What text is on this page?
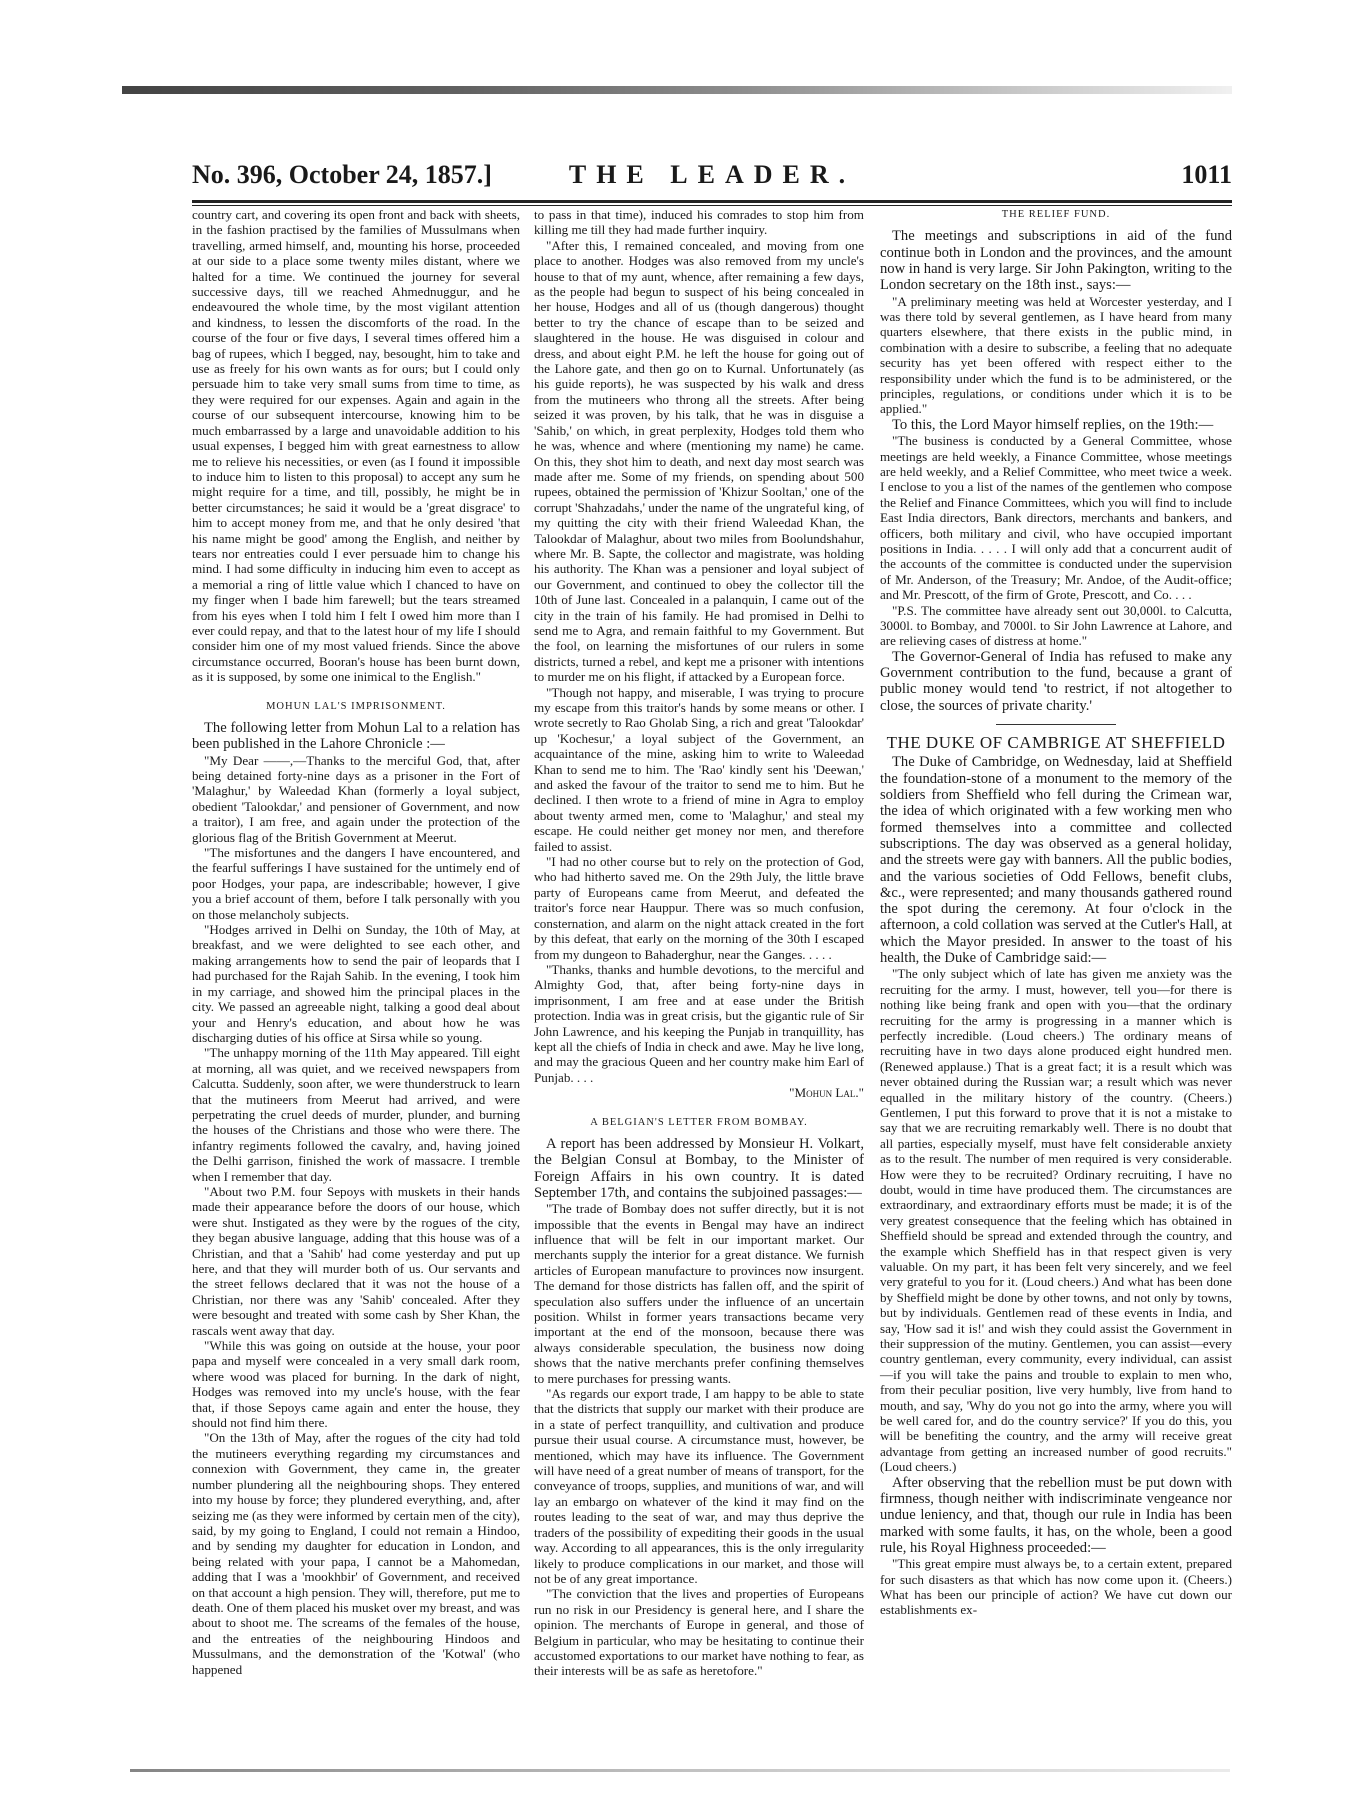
No. 396, October 24, 1857.]	THE LEADER.	1011

country cart, and covering its open front and back with sheets, in the fashion practised by the families of Mussulmans when travelling, armed himself, and, mounting his horse, proceeded at our side to a place some twenty miles distant, where we halted for a time. We continued the journey for several successive days, till we reached Ahmednuggur, and he endeavoured the whole time, by the most vigilant attention and kindness, to lessen the discomforts of the road. In the course of the four or five days, I several times offered him a bag of rupees, which I begged, nay, besought, him to take and use as freely for his own wants as for ours; but I could only persuade him to take very small sums from time to time, as they were required for our expenses. Again and again in the course of our subsequent intercourse, knowing him to be much embarrassed by a large and unavoidable addition to his usual expenses, I begged him with great earnestness to allow me to relieve his necessities, or even (as I found it impossible to induce him to listen to this proposal) to accept any sum he might require for a time, and till, possibly, he might be in better circumstances; he said it would be a 'great disgrace' to him to accept money from me, and that he only desired 'that his name might be good' among the English, and neither by tears nor entreaties could I ever persuade him to change his mind. I had some difficulty in inducing him even to accept as a memorial a ring of little value which I chanced to have on my finger when I bade him farewell; but the tears streamed from his eyes when I told him I felt I owed him more than I ever could repay, and that to the latest hour of my life I should consider him one of my most valued friends. Since the above circumstance occurred, Booran's house has been burnt down, as it is supposed, by some one inimical to the English."

MOHUN LAL'S IMPRISONMENT.

The following letter from Mohun Lal to a relation has been published in the Lahore Chronicle :—

"My Dear ——,—Thanks to the merciful God, that, after being detained forty-nine days as a prisoner in the Fort of 'Malaghur,' by Waleedad Khan (formerly a loyal subject, obedient 'Talookdar,' and pensioner of Government, and now a traitor), I am free, and again under the protection of the glorious flag of the British Government at Meerut.

"The misfortunes and the dangers I have encountered, and the fearful sufferings I have sustained for the untimely end of poor Hodges, your papa, are indescribable; however, I give you a brief account of them, before I talk personally with you on those melancholy subjects.

"Hodges arrived in Delhi on Sunday, the 10th of May, at breakfast, and we were delighted to see each other, and making arrangements how to send the pair of leopards that I had purchased for the Rajah Sahib. In the evening, I took him in my carriage, and showed him the principal places in the city. We passed an agreeable night, talking a good deal about your and Henry's education, and about how he was discharging duties of his office at Sirsa while so young.

"The unhappy morning of the 11th May appeared. Till eight at morning, all was quiet, and we received newspapers from Calcutta. Suddenly, soon after, we were thunderstruck to learn that the mutineers from Meerut had arrived, and were perpetrating the cruel deeds of murder, plunder, and burning the houses of the Christians and those who were there. The infantry regiments followed the cavalry, and, having joined the Delhi garrison, finished the work of massacre. I tremble when I remember that day.

"About two P.M. four Sepoys with muskets in their hands made their appearance before the doors of our house, which were shut. Instigated as they were by the rogues of the city, they began abusive language, adding that this house was of a Christian, and that a 'Sahib' had come yesterday and put up here, and that they will murder both of us. Our servants and the street fellows declared that it was not the house of a Christian, nor there was any 'Sahib' concealed. After they were besought and treated with some cash by Sher Khan, the rascals went away that day.

"While this was going on outside at the house, your poor papa and myself were concealed in a very small dark room, where wood was placed for burning. In the dark of night, Hodges was removed into my uncle's house, with the fear that, if those Sepoys came again and enter the house, they should not find him there.

"On the 13th of May, after the rogues of the city had told the mutineers everything regarding my circumstances and connexion with Government, they came in, the greater number plundering all the neighbouring shops. They entered into my house by force; they plundered everything, and, after seizing me (as they were informed by certain men of the city), said, by my going to England, I could not remain a Hindoo, and by sending my daughter for education in London, and being related with your papa, I cannot be a Mahomedan, adding that I was a 'mookhbir' of Government, and received on that account a high pension. They will, therefore, put me to death. One of them placed his musket over my breast, and was about to shoot me. The screams of the females of the house, and the entreaties of the neighbouring Hindoos and Mussulmans, and the demonstration of the 'Kotwal' (who happened

to pass in that time), induced his comrades to stop him from killing me till they had made further inquiry.

"After this, I remained concealed, and moving from one place to another. Hodges was also removed from my uncle's house to that of my aunt, whence, after remaining a few days, as the people had begun to suspect of his being concealed in her house, Hodges and all of us (though dangerous) thought better to try the chance of escape than to be seized and slaughtered in the house. He was disguised in colour and dress, and about eight P.M. he left the house for going out of the Lahore gate, and then go on to Kurnal. Unfortunately (as his guide reports), he was suspected by his walk and dress from the mutineers who throng all the streets. After being seized it was proven, by his talk, that he was in disguise a 'Sahib,' on which, in great perplexity, Hodges told them who he was, whence and where (mentioning my name) he came. On this, they shot him to death, and next day most search was made after me. Some of my friends, on spending about 500 rupees, obtained the permission of 'Khizur Sooltan,' one of the corrupt 'Shahzadahs,' under the name of the ungrateful king, of my quitting the city with their friend Waleedad Khan, the Talookdar of Malaghur, about two miles from Boolundshahur, where Mr. B. Sapte, the collector and magistrate, was holding his authority. The Khan was a pensioner and loyal subject of our Government, and continued to obey the collector till the 10th of June last. Concealed in a palanquin, I came out of the city in the train of his family. He had promised in Delhi to send me to Agra, and remain faithful to my Government. But the fool, on learning the misfortunes of our rulers in some districts, turned a rebel, and kept me a prisoner with intentions to murder me on his flight, if attacked by a European force.

"Though not happy, and miserable, I was trying to procure my escape from this traitor's hands by some means or other. I wrote secretly to Rao Gholab Sing, a rich and great 'Talookdar' up 'Kochesur,' a loyal subject of the Government, an acquaintance of the mine, asking him to write to Waleedad Khan to send me to him. The 'Rao' kindly sent his 'Deewan,' and asked the favour of the traitor to send me to him. But he declined. I then wrote to a friend of mine in Agra to employ about twenty armed men, come to 'Malaghur,' and steal my escape. He could neither get money nor men, and therefore failed to assist.

"I had no other course but to rely on the protection of God, who had hitherto saved me. On the 29th July, the little brave party of Europeans came from Meerut, and defeated the traitor's force near Hauppur. There was so much confusion, consternation, and alarm on the night attack created in the fort by this defeat, that early on the morning of the 30th I escaped from my dungeon to Bahaderghur, near the Ganges. . . . .

"Thanks, thanks and humble devotions, to the merciful and Almighty God, that, after being forty-nine days in imprisonment, I am free and at ease under the British protection. India was in great crisis, but the gigantic rule of Sir John Lawrence, and his keeping the Punjab in tranquillity, has kept all the chiefs of India in check and awe. May he live long, and may the gracious Queen and her country make him Earl of Punjab. . . .

"Mohun Lal."

A BELGIAN'S LETTER FROM BOMBAY.

A report has been addressed by Monsieur H. Volkart, the Belgian Consul at Bombay, to the Minister of Foreign Affairs in his own country. It is dated September 17th, and contains the subjoined passages:—

"The trade of Bombay does not suffer directly, but it is not impossible that the events in Bengal may have an indirect influence that will be felt in our important market. Our merchants supply the interior for a great distance. We furnish articles of European manufacture to provinces now insurgent. The demand for those districts has fallen off, and the spirit of speculation also suffers under the influence of an uncertain position. Whilst in former years transactions became very important at the end of the monsoon, because there was always considerable speculation, the business now doing shows that the native merchants prefer confining themselves to mere purchases for pressing wants.

"As regards our export trade, I am happy to be able to state that the districts that supply our market with their produce are in a state of perfect tranquillity, and cultivation and produce pursue their usual course. A circumstance must, however, be mentioned, which may have its influence. The Government will have need of a great number of means of transport, for the conveyance of troops, supplies, and munitions of war, and will lay an embargo on whatever of the kind it may find on the routes leading to the seat of war, and may thus deprive the traders of the possibility of expediting their goods in the usual way. According to all appearances, this is the only irregularity likely to produce complications in our market, and those will not be of any great importance.

"The conviction that the lives and properties of Europeans run no risk in our Presidency is general here, and I share the opinion. The merchants of Europe in general, and those of Belgium in particular, who may be hesitating to continue their accustomed exportations to our market have nothing to fear, as their interests will be as safe as heretofore."

THE RELIEF FUND.

The meetings and subscriptions in aid of the fund continue both in London and the provinces, and the amount now in hand is very large. Sir John Pakington, writing to the London secretary on the 18th inst., says:—

"A preliminary meeting was held at Worcester yesterday, and I was there told by several gentlemen, as I have heard from many quarters elsewhere, that there exists in the public mind, in combination with a desire to subscribe, a feeling that no adequate security has yet been offered with respect either to the responsibility under which the fund is to be administered, or the principles, regulations, or conditions under which it is to be applied."

To this, the Lord Mayor himself replies, on the 19th:—

"The business is conducted by a General Committee, whose meetings are held weekly, a Finance Committee, whose meetings are held weekly, and a Relief Committee, who meet twice a week. I enclose to you a list of the names of the gentlemen who compose the Relief and Finance Committees, which you will find to include East India directors, Bank directors, merchants and bankers, and officers, both military and civil, who have occupied important positions in India. . . . . I will only add that a concurrent audit of the accounts of the committee is conducted under the supervision of Mr. Anderson, of the Treasury; Mr. Andoe, of the Audit-office; and Mr. Prescott, of the firm of Grote, Prescott, and Co. . . .

"P.S. The committee have already sent out 30,000l. to Calcutta, 3000l. to Bombay, and 7000l. to Sir John Lawrence at Lahore, and are relieving cases of distress at home."

The Governor-General of India has refused to make any Government contribution to the fund, because a grant of public money would tend 'to restrict, if not altogether to close, the sources of private charity.'

THE DUKE OF CAMBRIGE AT SHEFFIELD

The Duke of Cambridge, on Wednesday, laid at Sheffield the foundation-stone of a monument to the memory of the soldiers from Sheffield who fell during the Crimean war, the idea of which originated with a few working men who formed themselves into a committee and collected subscriptions. The day was observed as a general holiday, and the streets were gay with banners. All the public bodies, and the various societies of Odd Fellows, benefit clubs, &c., were represented; and many thousands gathered round the spot during the ceremony. At four o'clock in the afternoon, a cold collation was served at the Cutler's Hall, at which the Mayor presided. In answer to the toast of his health, the Duke of Cambridge said:—

"The only subject which of late has given me anxiety was the recruiting for the army. I must, however, tell you—for there is nothing like being frank and open with you—that the ordinary recruiting for the army is progressing in a manner which is perfectly incredible. (Loud cheers.) The ordinary means of recruiting have in two days alone produced eight hundred men. (Renewed applause.) That is a great fact; it is a result which was never obtained during the Russian war; a result which was never equalled in the military history of the country. (Cheers.) Gentlemen, I put this forward to prove that it is not a mistake to say that we are recruiting remarkably well. There is no doubt that all parties, especially myself, must have felt considerable anxiety as to the result. The number of men required is very considerable. How were they to be recruited? Ordinary recruiting, I have no doubt, would in time have produced them. The circumstances are extraordinary, and extraordinary efforts must be made; it is of the very greatest consequence that the feeling which has obtained in Sheffield should be spread and extended through the country, and the example which Sheffield has in that respect given is very valuable. On my part, it has been felt very sincerely, and we feel very grateful to you for it. (Loud cheers.) And what has been done by Sheffield might be done by other towns, and not only by towns, but by individuals. Gentlemen read of these events in India, and say, 'How sad it is!' and wish they could assist the Government in their suppression of the mutiny. Gentlemen, you can assist—every country gentleman, every community, every individual, can assist—if you will take the pains and trouble to explain to men who, from their peculiar position, live very humbly, live from hand to mouth, and say, 'Why do you not go into the army, where you will be well cared for, and do the country service?' If you do this, you will be benefiting the country, and the army will receive great advantage from getting an increased number of good recruits." (Loud cheers.)

After observing that the rebellion must be put down with firmness, though neither with indiscriminate vengeance nor undue leniency, and that, though our rule in India has been marked with some faults, it has, on the whole, been a good rule, his Royal Highness proceeded:—

"This great empire must always be, to a certain extent, prepared for such disasters as that which has now come upon it. (Cheers.) What has been our principle of action? We have cut down our establishments ex-
